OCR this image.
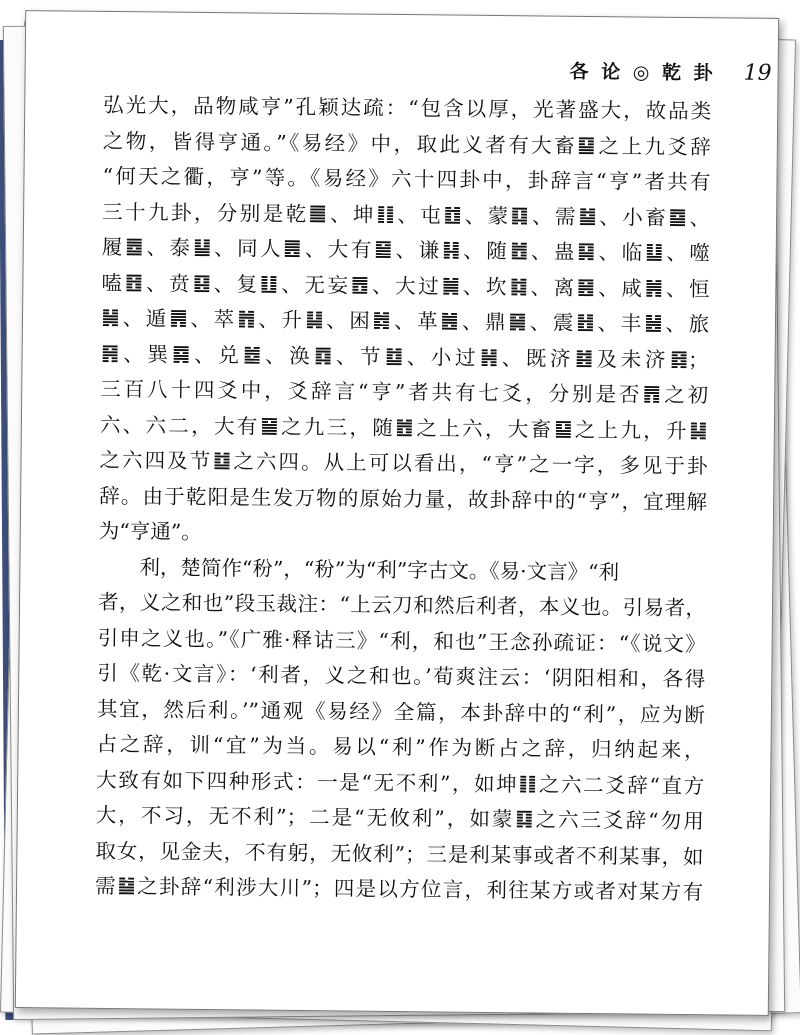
各 论 ◎ 乾 卦 19
弘光大，品物咸亨”孔颖达疏：“包含以厚，光著盛大，故品类
之物，皆得亨通。”《易经》中，取此义者有大畜 之上九爻辞
“何天之衢，亨”等。《易经》六十四卦中，卦辞言“亨”者共有
三十九卦，分别是乾 、坤 、屯 、蒙 、需 、小畜 、
履 、泰 、同人 、大有 、谦 、随 、蛊 、临 、噬
嗑 、贲 、复 、无妄 、大过 、坎 、离 、咸 、恒
、遁 、萃 、升 、困 、革 、鼎 、震 、丰 、旅
、巽 、兑 、涣 、节 、小过 、既济 及未济 ；
三百八十四爻中，爻辞言“亨”者共有七爻，分别是否 之初
六、六二，大有 之九三，随 之上六，大畜 之上九，升
之六四及节 之六四。从上可以看出，“亨”之一字，多见于卦
辞。由于乾阳是生发万物的原始力量，故卦辞中的“亨”，宜理解
为“亨通”。
利，楚简作“秎”，“秎”为“利”字古文。《易·文言》“利
者，义之和也”段玉裁注：“上云刀和然后利者，本义也。引易者，
引申之义也。”《广雅·释诂三》“利，和也”王念孙疏证：“《说文》
引《乾·文言》：‘利者，义之和也。’荀爽注云：‘阴阳相和，各得
其宜，然后利。’”通观《易经》全篇，本卦辞中的“利”，应为断
占之辞，训“宜”为当。易以“利”作为断占之辞，归纳起来，
大致有如下四种形式：一是“无不利”，如坤 之六二爻辞“直方
大，不习，无不利”；二是“无攸利”，如蒙 之六三爻辞“勿用
取女，见金夫，不有躬，无攸利”；三是利某事或者不利某事，如
需 之卦辞“利涉大川”；四是以方位言，利往某方或者对某方有
